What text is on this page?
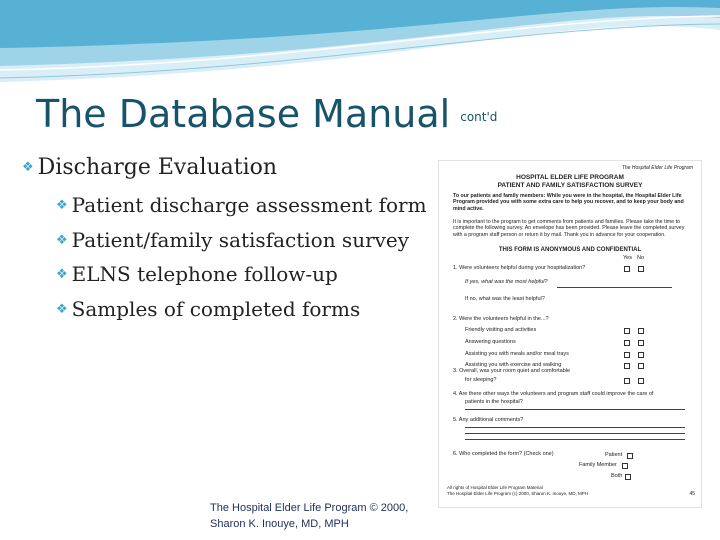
The Database Manual cont'd
❖ Discharge Evaluation
❖ Patient discharge assessment form
❖ Patient/family satisfaction survey
❖ ELNS telephone follow-up
❖ Samples of completed forms
The Hospital Elder Life Program © 2000,
Sharon K. Inouye, MD, MPH
The Hospital Elder Life Program
HOSPITAL ELDER LIFE PROGRAM
PATIENT AND FAMILY SATISFACTION SURVEY
To our patients and family members: While you were in the hospital, the Hospital Elder Life Program provided you with some extra care to help you recover, and to keep your body and mind active.
It is important to the program to get comments from patients and families. Please take the time to complete the following survey. An envelope has been provided. Please leave the completed survey with a program staff person or return it by mail. Thank you in advance for your cooperation.
THIS FORM IS ANONYMOUS AND CONFIDENTIAL
Yes No
1. Were volunteers helpful during your hospitalization?
If yes, what was the most helpful?
If no, what was the least helpful?
2. Were the volunteers helpful in the...?
Friendly visiting and activities
Answering questions
Assisting you with meals and/or meal trays
Assisting you with exercise and walking
3. Overall, was your room quiet and comfortable
for sleeping?
4. Are there other ways the volunteers and program staff could improve the care of
patients in the hospital?
5. Any additional comments?
6. Who completed the form? (Check one)	Patient
Family Member
Both
All rights of Hospital Elder Life Program Material
The Hospital Elder Life Program (c) 2000, Sharon K. Inouye, MD, MPH	45
